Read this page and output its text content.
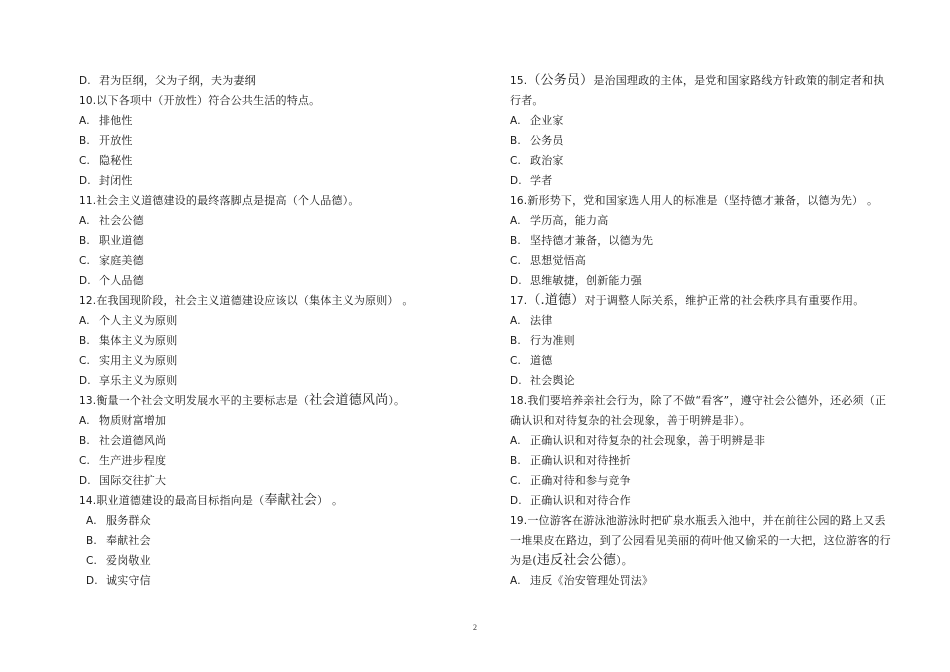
D. 君为臣纲，父为子纲，夫为妻纲
10.以下各项中（开放性）符合公共生活的特点。
A. 排他性
B. 开放性
C. 隐秘性
D. 封闭性
11.社会主义道德建设的最终落脚点是提高（个人品德）。
A. 社会公德
B. 职业道德
C. 家庭美德
D. 个人品德
12.在我国现阶段，社会主义道德建设应该以（集体主义为原则） 。
A. 个人主义为原则
B. 集体主义为原则
C. 实用主义为原则
D. 享乐主义为原则
13.衡量一个社会文明发展水平的主要标志是（社会道德风尚）。
A. 物质财富增加
B. 社会道德风尚
C. 生产进步程度
D. 国际交往扩大
14.职业道德建设的最高目标指向是（奉献社会） 。
A. 服务群众
B. 奉献社会
C. 爱岗敬业
D. 诚实守信
15.（公务员）是治国理政的主体，是党和国家路线方针政策的制定者和执行者。
A. 企业家
B. 公务员
C. 政治家
D. 学者
16.新形势下，党和国家选人用人的标准是（坚持德才兼备，以德为先） 。
A. 学历高，能力高
B. 坚持德才兼备，以德为先
C. 思想觉悟高
D. 思维敏捷，创新能力强
17.（.道德）对于调整人际关系，维护正常的社会秩序具有重要作用。
A. 法律
B. 行为准则
C. 道德
D. 社会舆论
18.我们要培养亲社会行为，除了不做“看客”，遵守社会公德外，还必须（正确认识和对待复杂的社会现象，善于明辨是非）。
A. 正确认识和对待复杂的社会现象，善于明辨是非
B. 正确认识和对待挫折
C. 正确对待和参与竞争
D. 正确认识和对待合作
19.一位游客在游泳池游泳时把矿泉水瓶丢入池中，并在前往公园的路上又丢一堆果皮在路边，到了公园看见美丽的荷叶他又偷采的一大把，这位游客的行为是(违反社会公德）。
A. 违反《治安管理处罚法》
2
